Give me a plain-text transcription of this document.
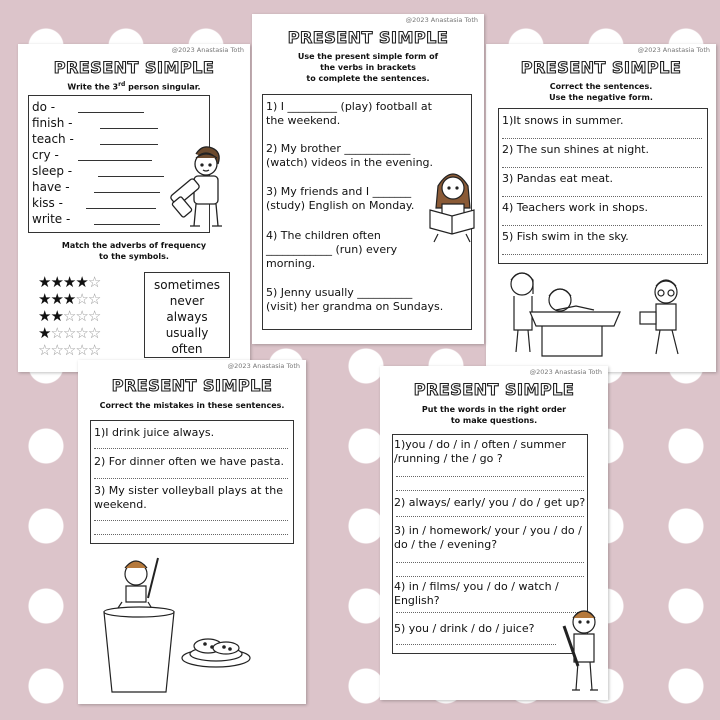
@2023 Anastasia Toth
PRESENT SIMPLE
Write the 3rd person singular.
do -
finish -
teach -
cry -
sleep -
have -
kiss -
write -
Match the adverbs of frequency
to the symbols.
★★★★☆
★★★☆☆
★★☆☆☆
★☆☆☆☆
☆☆☆☆☆
sometimes
never
always
usually
often
@2023 Anastasia Toth
PRESENT SIMPLE
Correct the sentences.
Use the negative form.
1)It snows in summer.
2) The sun shines at night.
3) Pandas eat meat.
4) Teachers work in shops.
5) Fish swim in the sky.
@2023 Anastasia Toth
PRESENT SIMPLE
Use the present simple form of
the verbs in brackets
to complete the sentences.
1) I _________ (play) football at
the weekend.
2) My brother ____________
(watch) videos in the evening.
3) My friends and I _______
(study) English on Monday.
4) The children often
____________ (run) every
morning.
5) Jenny usually __________
(visit) her grandma on Sundays.
@2023 Anastasia Toth
PRESENT SIMPLE
Correct the mistakes in these sentences.
1)I drink juice always.
2) For dinner often we have pasta.
3) My sister volleyball plays at the
weekend.
@2023 Anastasia Toth
PRESENT SIMPLE
Put the words in the right order
to make questions.
1)you / do / in / often / summer
/running / the / go ?
2) always/ early/ you / do / get up?
3) in / homework/ your / you / do /
do / the / evening?
4) in / films/ you / do / watch /
English?
5) you / drink / do / juice?
